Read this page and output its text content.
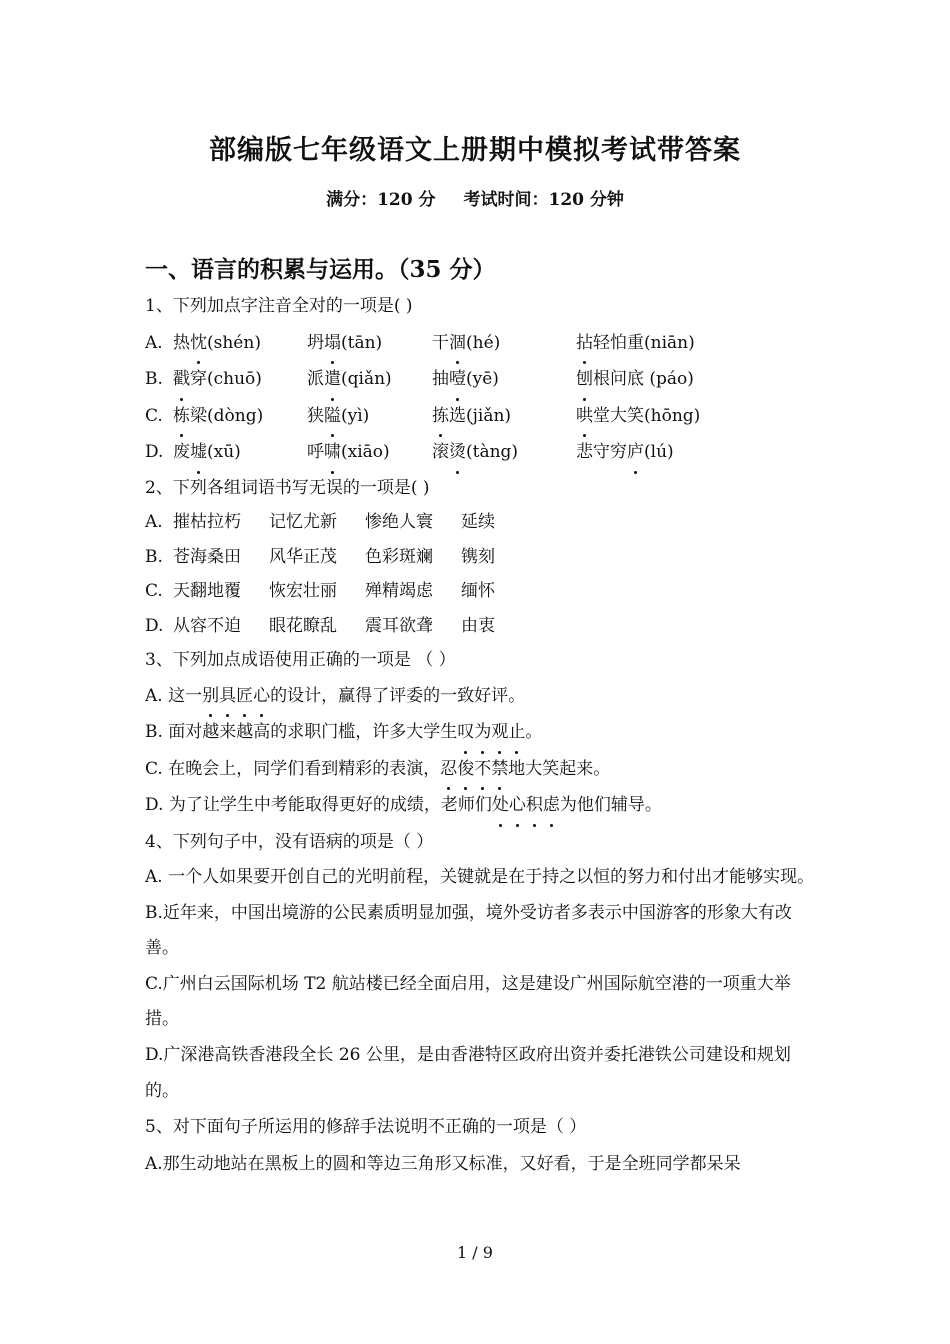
部编版七年级语文上册期中模拟考试带答案
满分：120 分 考试时间：120 分钟
一、语言的积累与运用。（35 分）
1、下列加点字注音全对的一项是( )
A. 热忱(shén)	坍塌(tān)	干涸(hé)	拈轻怕重(niān)
B. 戳穿(chuō)	派遣(qiǎn) 抽噎(yē)	刨根问底 (páo)
C. 栋梁(dòng)	狭隘(yì)	拣选(jiǎn)	哄堂大笑(hōng)
D. 废墟(xū)	呼啸(xiāo) 滚烫(tàng)	悲守穷庐(lú)
2、下列各组词语书写无误的一项是( )
A. 摧枯拉朽 记忆尤新 惨绝人寰 延续
B. 苍海桑田 风华正茂 色彩斑斓 镌刻
C. 天翻地覆 恢宏壮丽 殚精竭虑 缅怀
D. 从容不迫 眼花瞭乱 震耳欲聋 由衷
3、下列加点成语使用正确的一项是 （ ）
A. 这一别具匠心的设计，赢得了评委的一致好评。
B. 面对越来越高的求职门槛，许多大学生叹为观止。
C. 在晚会上，同学们看到精彩的表演，忍俊不禁地大笑起来。
D. 为了让学生中考能取得更好的成绩，老师们处心积虑为他们辅导。
4、下列句子中，没有语病的项是（ ）
A. 一个人如果要开创自己的光明前程，关键就是在于持之以恒的努力和付出才能够实现。
B.近年来，中国出境游的公民素质明显加强，境外受访者多表示中国游客的形象大有改善。
C.广州白云国际机场 T2 航站楼已经全面启用，这是建设广州国际航空港的一项重大举措。
D.广深港高铁香港段全长 26 公里，是由香港特区政府出资并委托港铁公司建设和规划的。
5、对下面句子所运用的修辞手法说明不正确的一项是（ ）
A.那生动地站在黑板上的圆和等边三角形又标准，又好看，于是全班同学都呆呆
1 / 9
